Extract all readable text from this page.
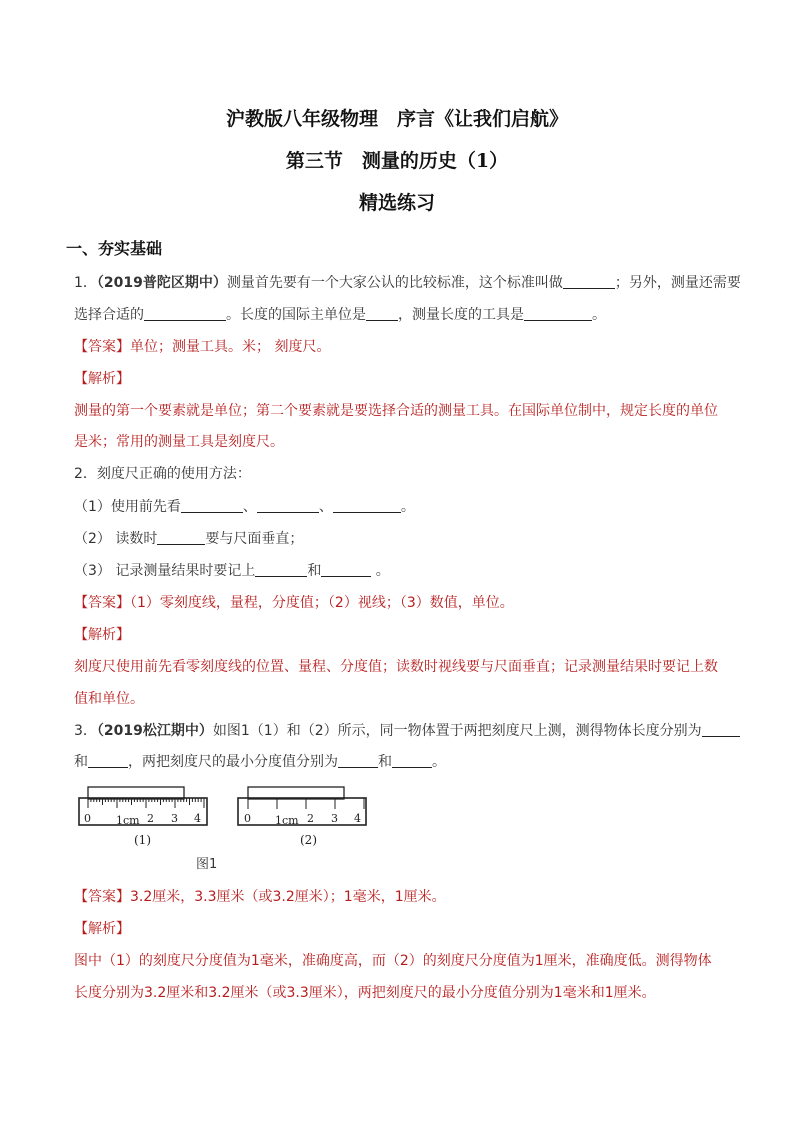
沪教版八年级物理　序言《让我们启航》
第三节　测量的历史（1）
精选练习
一、夯实基础
1．（2019普陀区期中）测量首先要有一个大家公认的比较标准，这个标准叫做	；另外，测量还需要
选择合适的	。长度的国际主单位是 ，测量长度的工具是	。
【答案】单位；测量工具。米； 刻度尺。
【解析】
测量的第一个要素就是单位；第二个要素就是要选择合适的测量工具。在国际单位制中，规定长度的单位
是米；常用的测量工具是刻度尺。
2．刻度尺正确的使用方法：
（1）使用前先看	、	、	。
（2） 读数时	要与尺面垂直；
（3） 记录测量结果时要记上	和	。
【答案】（1）零刻度线，量程，分度值；（2）视线；（3）数值，单位。
【解析】
刻度尺使用前先看零刻度线的位置、量程、分度值；读数时视线要与尺面垂直；记录测量结果时要记上数
值和单位。
3．（2019松江期中）如图1（1）和（2）所示，同一物体置于两把刻度尺上测，测得物体长度分别为
和	，两把刻度尺的最小分度值分别为	和	。
0 1cm 2 3 4
(1)
0 1cm 2 3 4
(2)
图1
【答案】3.2厘米，3.3厘米（或3.2厘米）；1毫米，1厘米。
【解析】
图中（1）的刻度尺分度值为1毫米，准确度高，而（2）的刻度尺分度值为1厘米，准确度低。测得物体
长度分别为3.2厘米和3.2厘米（或3.3厘米），两把刻度尺的最小分度值分别为1毫米和1厘米。
